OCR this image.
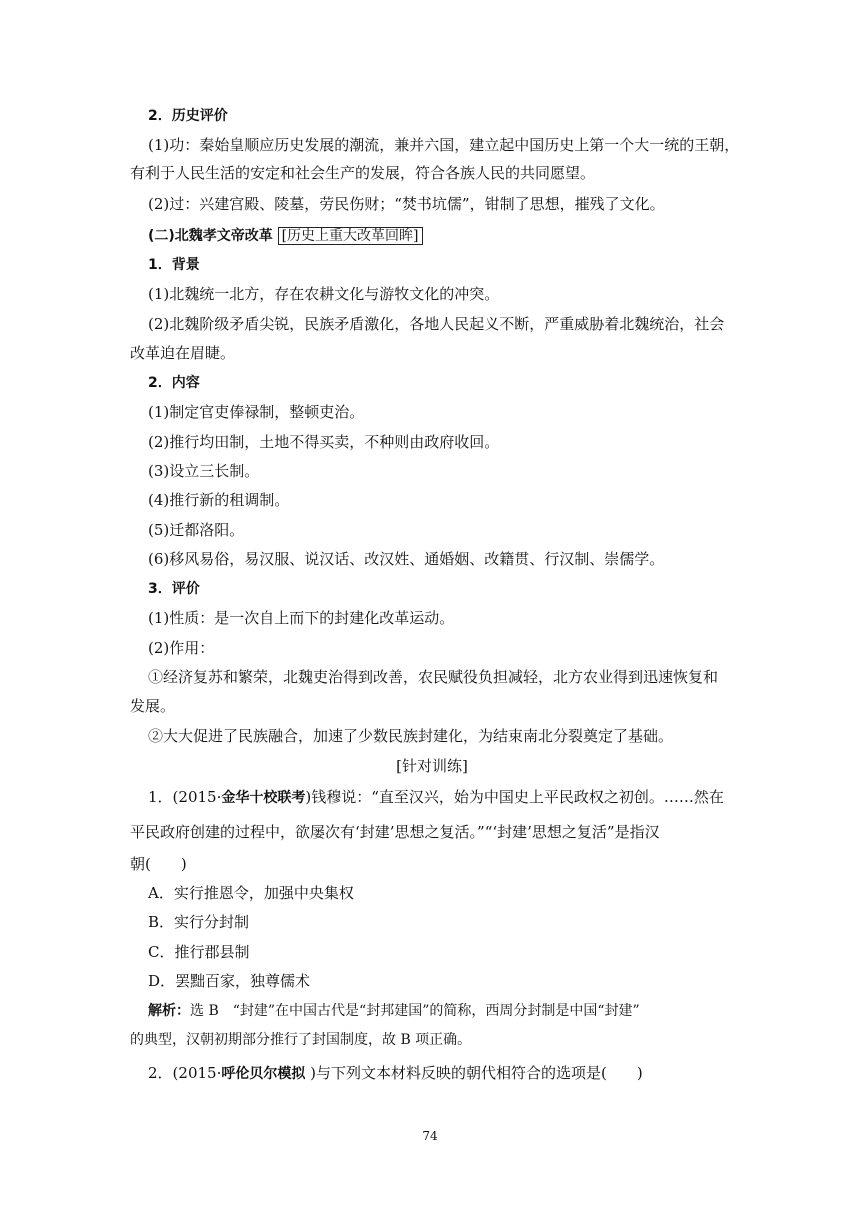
2．历史评价
(1)功：秦始皇顺应历史发展的潮流，兼并六国，建立起中国历史上第一个大一统的王朝，
有利于人民生活的安定和社会生产的发展，符合各族人民的共同愿望。
(2)过：兴建宫殿、陵墓，劳民伤财；“焚书坑儒”，钳制了思想，摧残了文化。
(二)北魏孝文帝改革 [历史上重大改革回眸]
1．背景
(1)北魏统一北方，存在农耕文化与游牧文化的冲突。
(2)北魏阶级矛盾尖锐，民族矛盾激化，各地人民起义不断，严重威胁着北魏统治，社会
改革迫在眉睫。
2．内容
(1)制定官吏俸禄制，整顿吏治。
(2)推行均田制，土地不得买卖，不种则由政府收回。
(3)设立三长制。
(4)推行新的租调制。
(5)迁都洛阳。
(6)移风易俗，易汉服、说汉话、改汉姓、通婚姻、改籍贯、行汉制、崇儒学。
3．评价
(1)性质：是一次自上而下的封建化改革运动。
(2)作用：
①经济复苏和繁荣，北魏吏治得到改善，农民赋役负担减轻，北方农业得到迅速恢复和
发展。
②大大促进了民族融合，加速了少数民族封建化，为结束南北分裂奠定了基础。
[针对训练]
1．(2015·金华十校联考)钱穆说：“直至汉兴，始为中国史上平民政权之初创。……然在
平民政府创建的过程中，欲屡次有‘封建’思想之复活。”“‘封建’思想之复活”是指汉
朝(　　)
A．实行推恩令，加强中央集权
B．实行分封制
C．推行郡县制
D．罢黜百家，独尊儒术
解析：选 B　“封建”在中国古代是“封邦建国”的简称，西周分封制是中国“封建”
的典型，汉朝初期部分推行了封国制度，故 B 项正确。
2．(2015·呼伦贝尔模拟 )与下列文本材料反映的朝代相符合的选项是(　　)
74
